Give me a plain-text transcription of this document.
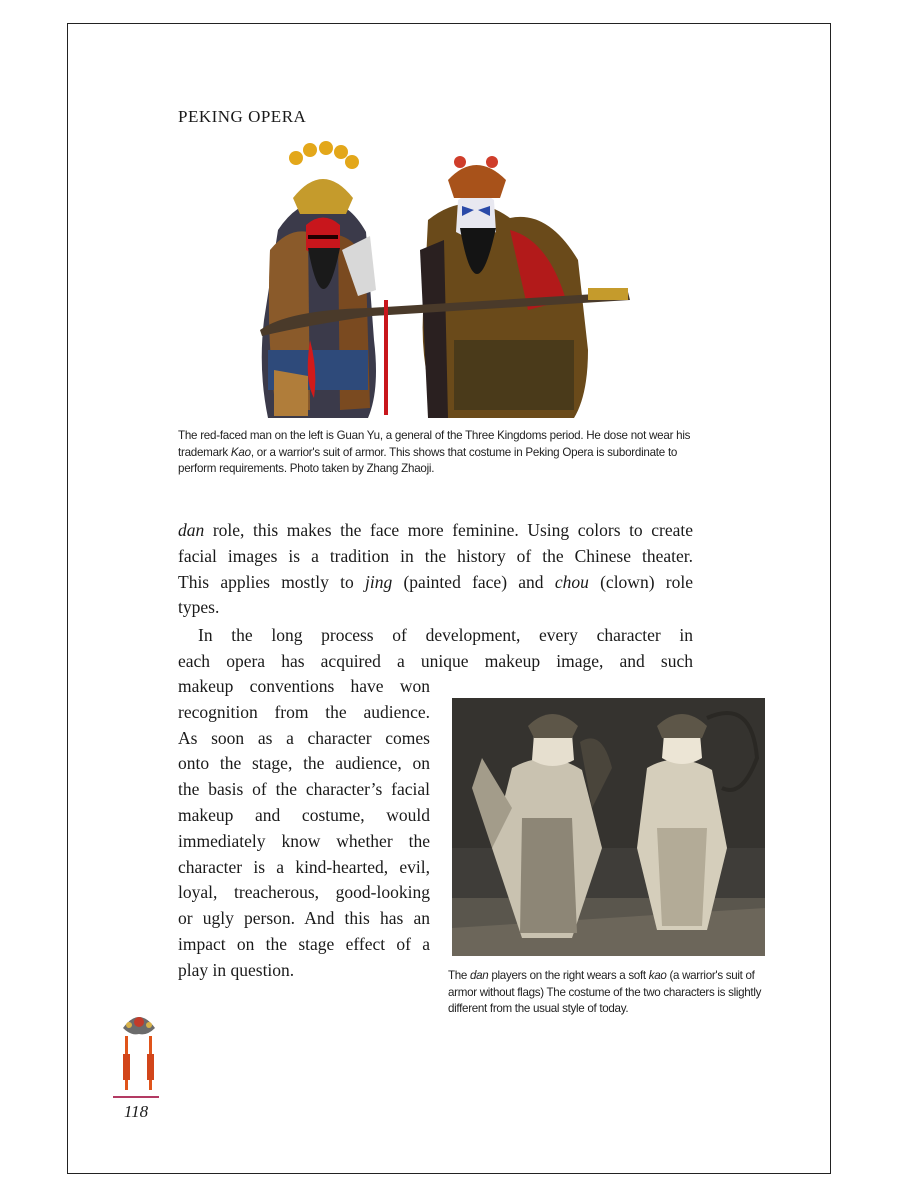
PEKING OPERA
The red-faced man on the left is Guan Yu, a general of the Three Kingdoms period. He dose not wear his trademark Kao, or a warrior's suit of armor. This shows that costume in Peking Opera is subordinate to perform requirements. Photo taken by Zhang Zhaoji.
dan role, this makes the face more feminine. Using colors to create
facial images is a tradition in the history of the Chinese theater.
This applies mostly to jing (painted face) and chou (clown) role
types.
In the long process of development, every character in
each opera has acquired a unique makeup image, and such
makeup conventions have won
recognition from the audience.
As soon as a character comes
onto the stage, the audience, on
the basis of the character’s facial
makeup and costume, would
immediately know whether the
character is a kind-hearted, evil,
loyal, treacherous, good-looking
or ugly person. And this has an
impact on the stage effect of a
play in question.	The dan players on the right wears a soft kao (a warrior's suit of armor without flags) The costume of the two characters is slightly different from the usual style of today.
118
